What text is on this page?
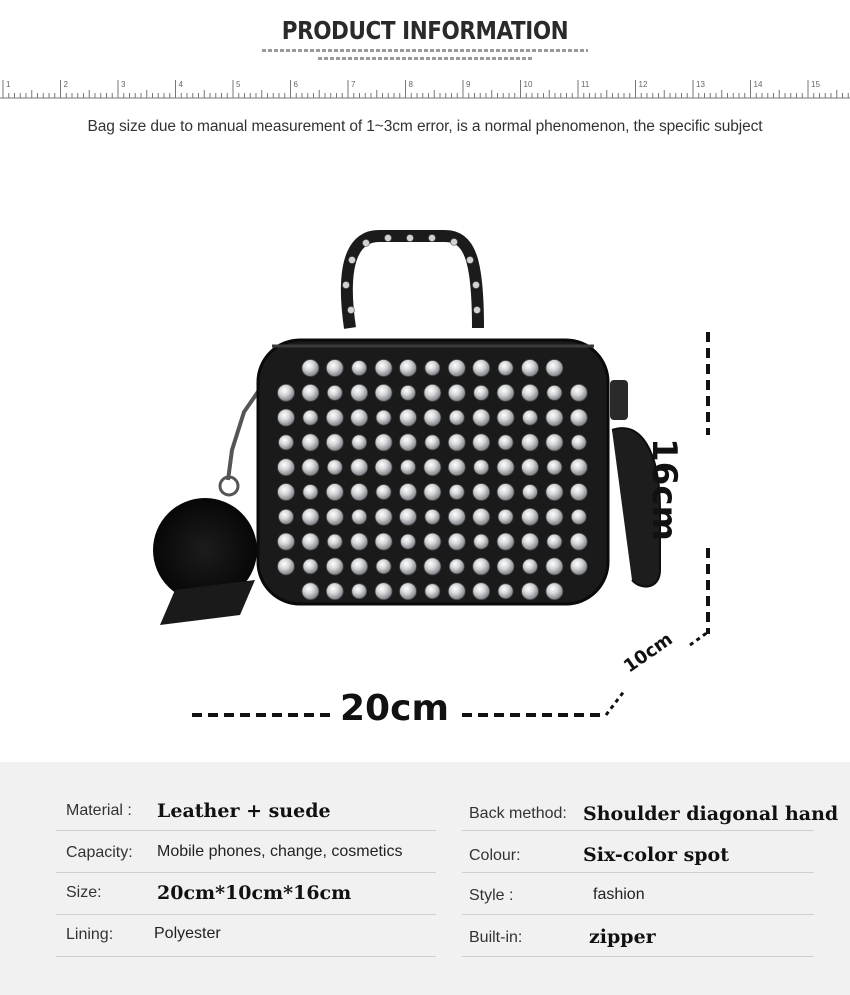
PRODUCT INFORMATION
1	2	3	4	5	6	7	8	9	10	11	12	13	14	15
Bag size due to manual measurement of 1~3cm error, is a normal phenomenon, the specific subject
20cm
16cm
10cm
Material : Leather + suede	Back method: Shoulder diagonal hand
Capacity: Mobile phones, change, cosmetics	Colour:	Six-color spot
Size:	20cm*10cm*16cm	Style :	fashion
Lining:	Polyester	Built-in:	zipper
